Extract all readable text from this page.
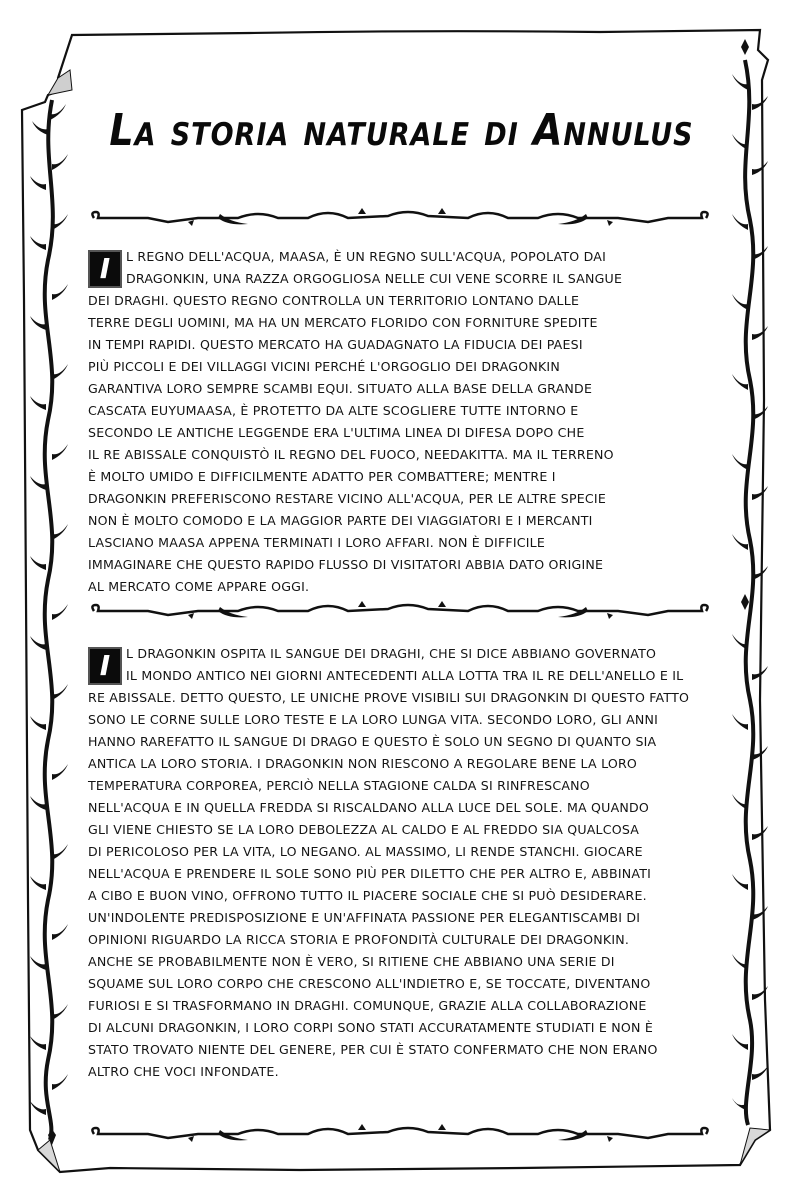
La storia naturale di Annulus
I	L REGNO DELL'ACQUA, MAASA, È UN REGNO SULL'ACQUA, POPOLATO DAI
DRAGONKIN, UNA RAZZA ORGOGLIOSA NELLE CUI VENE SCORRE IL SANGUE
DEI DRAGHI. QUESTO REGNO CONTROLLA UN TERRITORIO LONTANO DALLE
TERRE DEGLI UOMINI, MA HA UN MERCATO FLORIDO CON FORNITURE SPEDITE
IN TEMPI RAPIDI. QUESTO MERCATO HA GUADAGNATO LA FIDUCIA DEI PAESI
PIÙ PICCOLI E DEI VILLAGGI VICINI PERCHÉ L'ORGOGLIO DEI DRAGONKIN
GARANTIVA LORO SEMPRE SCAMBI EQUI. SITUATO ALLA BASE DELLA GRANDE
CASCATA EUYUMAASA, È PROTETTO DA ALTE SCOGLIERE TUTTE INTORNO E
SECONDO LE ANTICHE LEGGENDE ERA L'ULTIMA LINEA DI DIFESA DOPO CHE
IL RE ABISSALE CONQUISTÒ IL REGNO DEL FUOCO, NEEDAKITTA. MA IL TERRENO
È MOLTO UMIDO E DIFFICILMENTE ADATTO PER COMBATTERE; MENTRE I
DRAGONKIN PREFERISCONO RESTARE VICINO ALL'ACQUA, PER LE ALTRE SPECIE
NON È MOLTO COMODO E LA MAGGIOR PARTE DEI VIAGGIATORI E I MERCANTI
LASCIANO MAASA APPENA TERMINATI I LORO AFFARI. NON È DIFFICILE
IMMAGINARE CHE QUESTO RAPIDO FLUSSO DI VISITATORI ABBIA DATO ORIGINE
AL MERCATO COME APPARE OGGI.
I	L DRAGONKIN OSPITA IL SANGUE DEI DRAGHI, CHE SI DICE ABBIANO GOVERNATO
IL MONDO ANTICO NEI GIORNI ANTECEDENTI ALLA LOTTA TRA IL RE DELL'ANELLO E IL
RE ABISSALE. DETTO QUESTO, LE UNICHE PROVE VISIBILI SUI DRAGONKIN DI QUESTO FATTO
SONO LE CORNE SULLE LORO TESTE E LA LORO LUNGA VITA. SECONDO LORO, GLI ANNI
HANNO RAREFATTO IL SANGUE DI DRAGO E QUESTO È SOLO UN SEGNO DI QUANTO SIA
ANTICA LA LORO STORIA. I DRAGONKIN NON RIESCONO A REGOLARE BENE LA LORO
TEMPERATURA CORPOREA, PERCIÒ NELLA STAGIONE CALDA SI RINFRESCANO
NELL'ACQUA E IN QUELLA FREDDA SI RISCALDANO ALLA LUCE DEL SOLE. MA QUANDO
GLI VIENE CHIESTO SE LA LORO DEBOLEZZA AL CALDO E AL FREDDO SIA QUALCOSA
DI PERICOLOSO PER LA VITA, LO NEGANO. AL MASSIMO, LI RENDE STANCHI. GIOCARE
NELL'ACQUA E PRENDERE IL SOLE SONO PIÙ PER DILETTO CHE PER ALTRO E, ABBINATI
A CIBO E BUON VINO, OFFRONO TUTTO IL PIACERE SOCIALE CHE SI PUÒ DESIDERARE.
UN'INDOLENTE PREDISPOSIZIONE E UN'AFFINATA PASSIONE PER ELEGANTISCAMBI DI
OPINIONI RIGUARDO LA RICCA STORIA E PROFONDITÀ CULTURALE DEI DRAGONKIN.
ANCHE SE PROBABILMENTE NON È VERO, SI RITIENE CHE ABBIANO UNA SERIE DI
SQUAME SUL LORO CORPO CHE CRESCONO ALL'INDIETRO E, SE TOCCATE, DIVENTANO
FURIOSI E SI TRASFORMANO IN DRAGHI. COMUNQUE, GRAZIE ALLA COLLABORAZIONE
DI ALCUNI DRAGONKIN, I LORO CORPI SONO STATI ACCURATAMENTE STUDIATI E NON È
STATO TROVATO NIENTE DEL GENERE, PER CUI È STATO CONFERMATO CHE NON ERANO
ALTRO CHE VOCI INFONDATE.
